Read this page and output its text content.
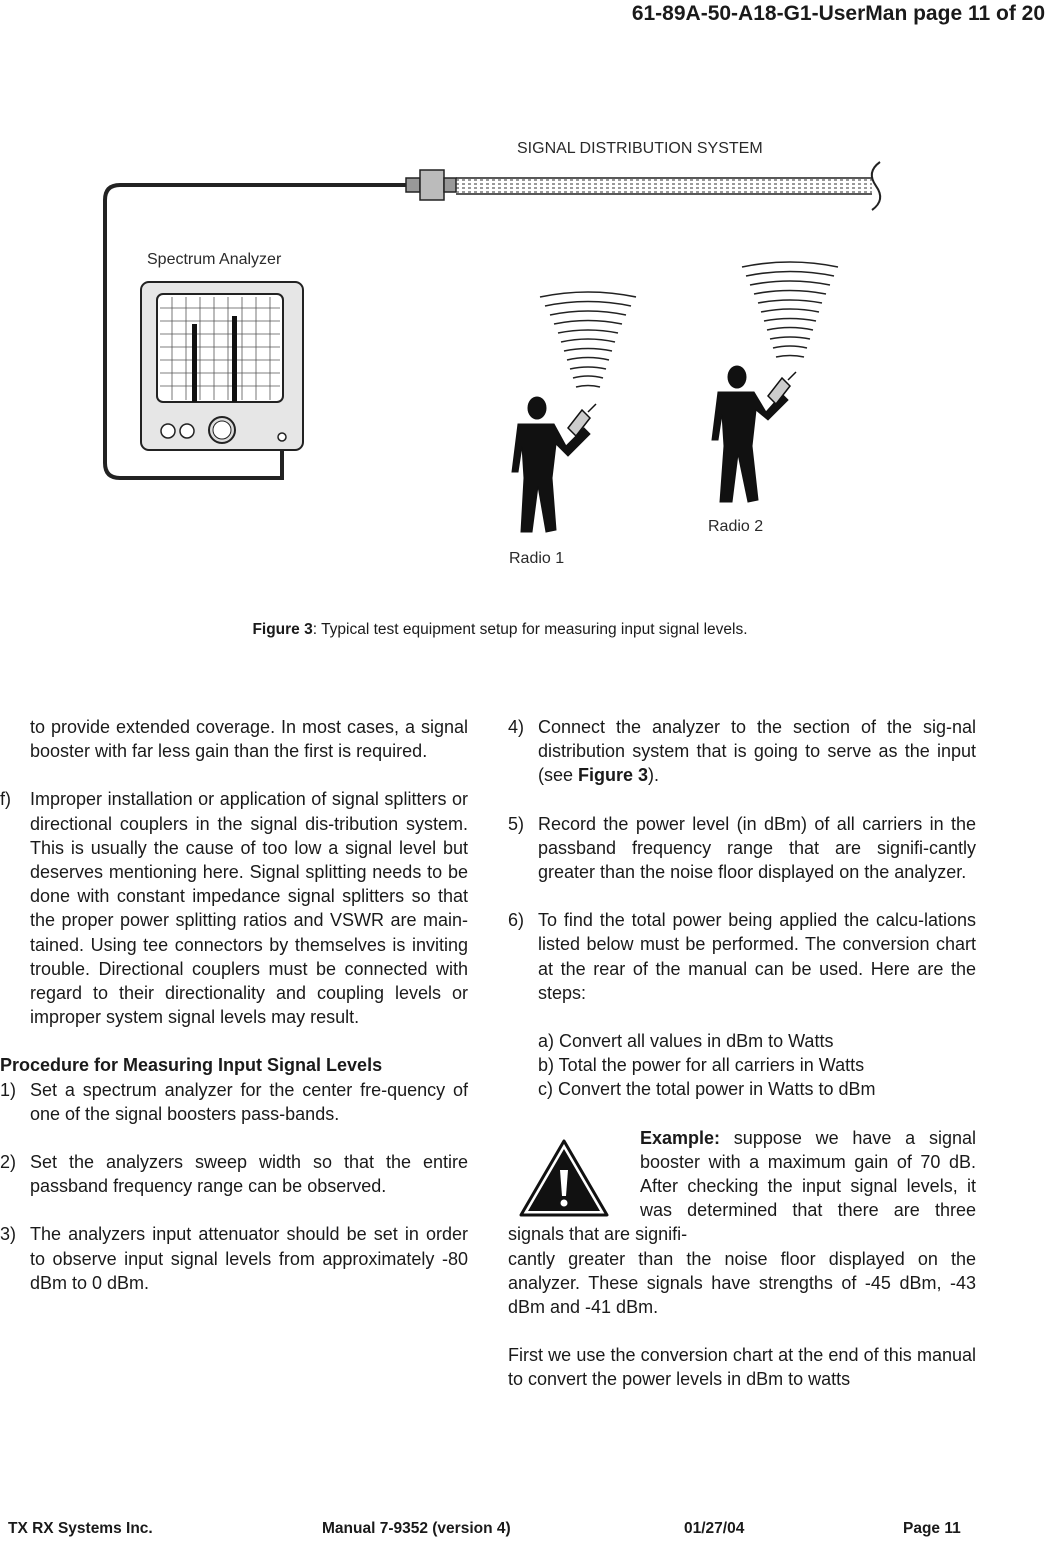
61-89A-50-A18-G1-UserMan page 11 of 20
SIGNAL DISTRIBUTION SYSTEM
Spectrum Analyzer
Radio 1
Radio 2
Figure 3: Typical test equipment setup for measuring input signal levels.

to provide extended coverage. In most cases, a signal booster with far less gain than the first is required.

f) Improper installation or application of signal splitters or directional couplers in the signal dis-tribution system. This is usually the cause of too low a signal level but deserves mentioning here. Signal splitting needs to be done with constant impedance signal splitters so that the proper power splitting ratios and VSWR are main-tained. Using tee connectors by themselves is inviting trouble. Directional couplers must be connected with regard to their directionality and coupling levels or improper system signal levels may result.

Procedure for Measuring Input Signal Levels

1) Set a spectrum analyzer for the center fre-quency of one of the signal boosters pass-bands.
2) Set the analyzers sweep width so that the entire passband frequency range can be observed.
3) The analyzers input attenuator should be set in order to observe input signal levels from approximately -80 dBm to 0 dBm.
4) Connect the analyzer to the section of the sig-nal distribution system that is going to serve as the input (see Figure 3).
5) Record the power level (in dBm) of all carriers in the passband frequency range that are signifi-cantly greater than the noise floor displayed on the analyzer.
6) To find the total power being applied the calcu-lations listed below must be performed. The conversion chart at the rear of the manual can be used. Here are the steps:

a) Convert all values in dBm to Watts

b) Total the power for all carriers in Watts

c) Convert the total power in Watts to dBm

Example: suppose we have a signal booster with a maximum gain of 70 dB. After checking the input signal levels, it was determined that there are three signals that are signifi-

cantly greater than the noise floor displayed on the analyzer. These signals have strengths of -45 dBm, -43 dBm and -41 dBm.

First we use the conversion chart at the end of this manual to convert the power levels in dBm to watts

TX RX Systems Inc.	Manual 7-9352 (version 4)	01/27/04	Page 11
